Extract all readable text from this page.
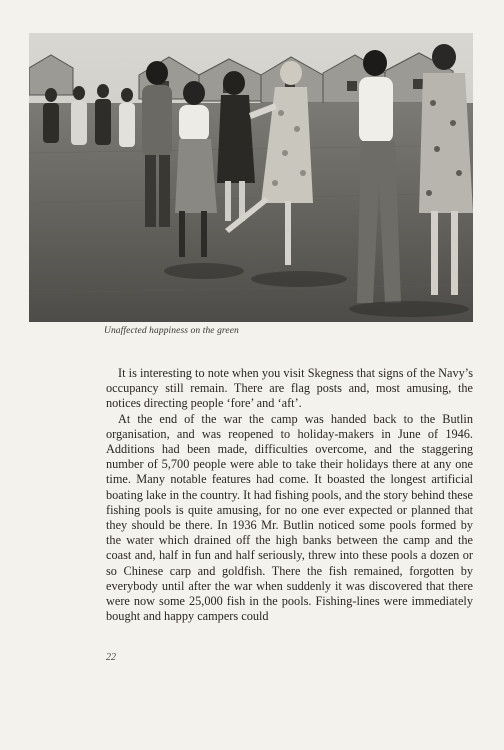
Unaffected happiness on the green

It is interesting to note when you visit Skegness that signs of the Navy’s occupancy still remain. There are flag posts and, most amusing, the notices directing people ‘fore’ and ‘aft’.

At the end of the war the camp was handed back to the Butlin organisation, and was reopened to holiday-makers in June of 1946. Additions had been made, difficulties overcome, and the staggering number of 5,700 people were able to take their holidays there at any one time. Many notable features had come. It boasted the longest artificial boating lake in the country. It had fishing pools, and the story behind these fishing pools is quite amusing, for no one ever expected or planned that they should be there. In 1936 Mr. Butlin noticed some pools formed by the water which drained off the high banks between the camp and the coast and, half in fun and half seriously, threw into these pools a dozen or so Chinese carp and goldfish. There the fish remained, forgotten by everybody until after the war when suddenly it was discovered that there were now some 25,000 fish in the pools. Fishing-lines were immediately bought and happy campers could

22
